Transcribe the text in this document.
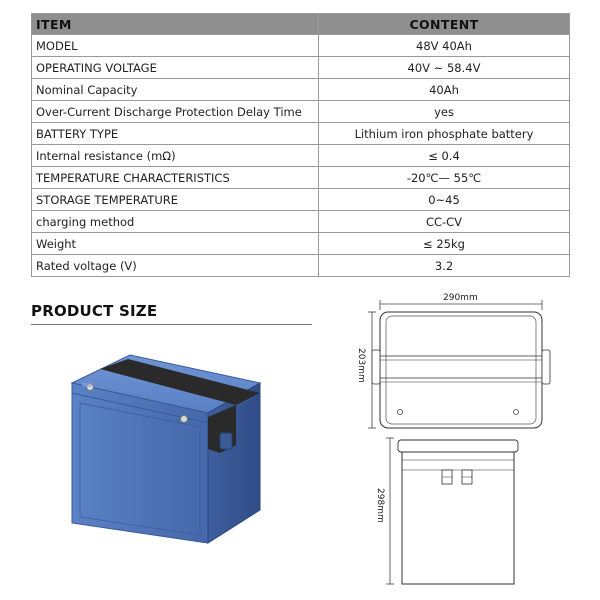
ITEM	CONTENT
MODEL	48V 40Ah
OPERATING VOLTAGE	40V ~ 58.4V
Nominal Capacity	40Ah
Over-Current Discharge Protection Delay Time	yes
BATTERY TYPE	Lithium iron phosphate battery
Internal resistance (mΩ)	≤ 0.4
TEMPERATURE CHARACTERISTICS	-20℃— 55℃
STORAGE TEMPERATURE	0~45
charging method	CC-CV
Weight	≤ 25kg
Rated voltage (V)	3.2
PRODUCT SIZE
290mm
203mm
298mm
